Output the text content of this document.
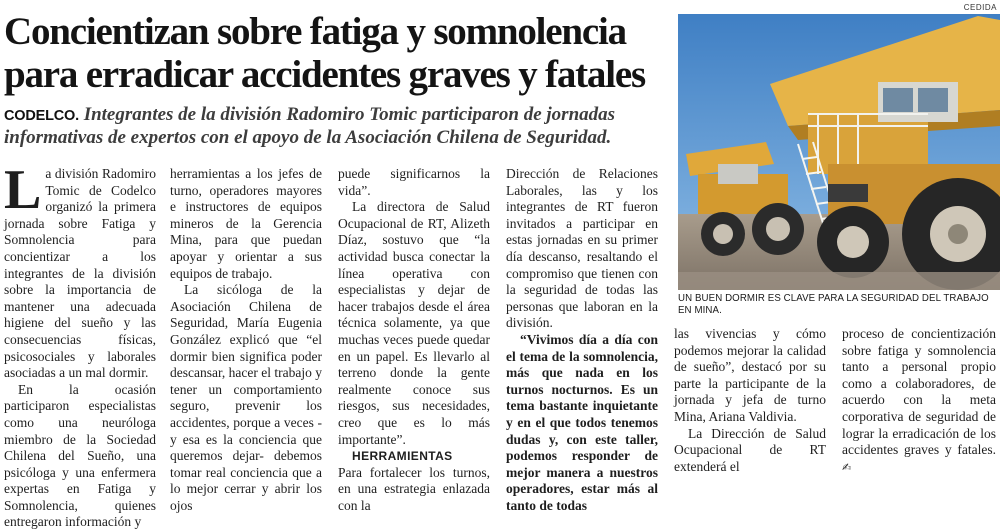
Concientizan sobre fatiga y somnolencia
para erradicar accidentes graves y fatales

CODELCO. Integrantes de la división Radomiro Tomic participaron de jornadas informativas de expertos con el apoyo de la Asociación Chilena de Seguridad.

CEDIDA
UN BUEN DORMIR ES CLAVE PARA LA SEGURIDAD DEL TRABAJO EN MINA.

La división Radomiro Tomic de Codelco organizó la primera jornada sobre Fatiga y Somnolencia para concientizar a los integrantes de la división sobre la importancia de mantener una adecuada higiene del sueño y las consecuencias físicas, psicosociales y laborales asociadas a un mal dormir.

En la ocasión participaron especialistas como una neuróloga miembro de la Sociedad Chilena del Sueño, una psicóloga y una enfermera expertas en Fatiga y Somnolencia, quienes entregaron información y

herramientas a los jefes de turno, operadores mayores e instructores de equipos mineros de la Gerencia Mina, para que puedan apoyar y orientar a sus equipos de trabajo.

La sicóloga de la Asociación Chilena de Seguridad, María Eugenia González explicó que “el dormir bien significa poder descansar, hacer el trabajo y tener un comportamiento seguro, prevenir los accidentes, porque a veces -y esa es la conciencia que queremos dejar- debemos tomar real conciencia que a lo mejor cerrar y abrir los ojos

puede significarnos la vida”.

La directora de Salud Ocupacional de RT, Alizeth Díaz, sostuvo que “la actividad busca conectar la línea operativa con especialistas y dejar de hacer trabajos desde el área técnica solamente, ya que muchas veces puede quedar en un papel. Es llevarlo al terreno donde la gente realmente conoce sus riesgos, sus necesidades, creo que es lo más importante”.

HERRAMIENTAS

Para fortalecer los turnos, en una estrategia enlazada con la

Dirección de Relaciones Laborales, las y los integrantes de RT fueron invitados a participar en estas jornadas en su primer día descanso, resaltando el compromiso que tienen con la seguridad de todas las personas que laboran en la división.

“Vivimos día a día con el tema de la somnolencia, más que nada en los turnos nocturnos. Es un tema bastante inquietante y en el que todos tenemos dudas y, con este taller, podemos responder de mejor manera a nuestros operadores, estar más al tanto de todas

las vivencias y cómo podemos mejorar la calidad de sueño”, destacó por su parte la participante de la jornada y jefa de turno Mina, Ariana Valdivia.

La Dirección de Salud Ocupacional de RT extenderá el

proceso de concientización sobre fatiga y somnolencia tanto a personal propio como a colaboradores, de acuerdo con la meta corporativa de seguridad de lograr la erradicación de los accidentes graves y fatales. ✍
